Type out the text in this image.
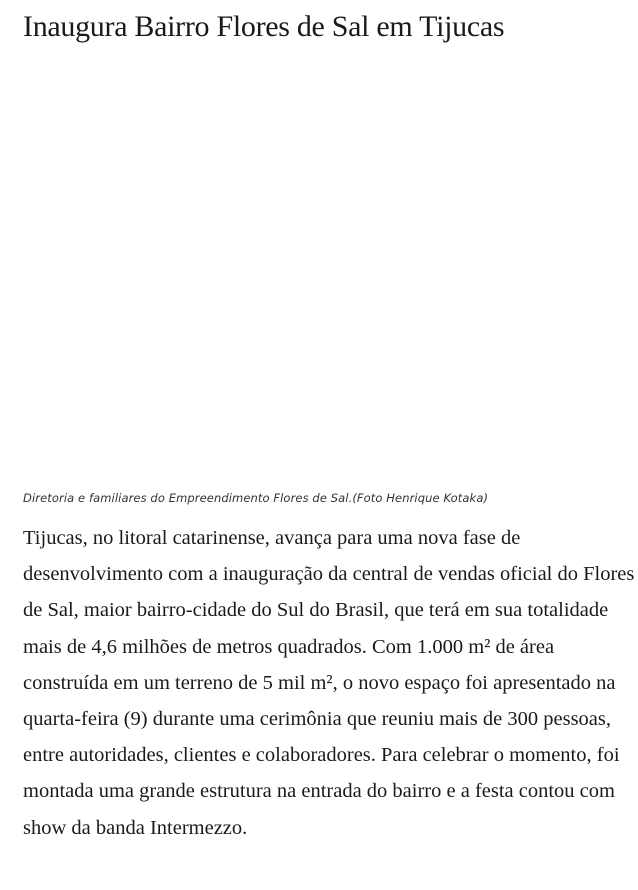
Inaugura Bairro Flores de Sal em Tijucas

Diretoria e familiares do Empreendimento Flores de Sal.(Foto Henrique Kotaka)

Tijucas, no litoral catarinense, avança para uma nova fase de desenvolvimento com a inauguração da central de vendas oficial do Flores de Sal, maior bairro-cidade do Sul do Brasil, que terá em sua totalidade mais de 4,6 milhões de metros quadrados. Com 1.000 m² de área construída em um terreno de 5 mil m², o novo espaço foi apresentado na quarta-feira (9) durante uma cerimônia que reuniu mais de 300 pessoas, entre autoridades, clientes e colaboradores. Para celebrar o momento, foi montada uma grande estrutura na entrada do bairro e a festa contou com show da banda Intermezzo.
